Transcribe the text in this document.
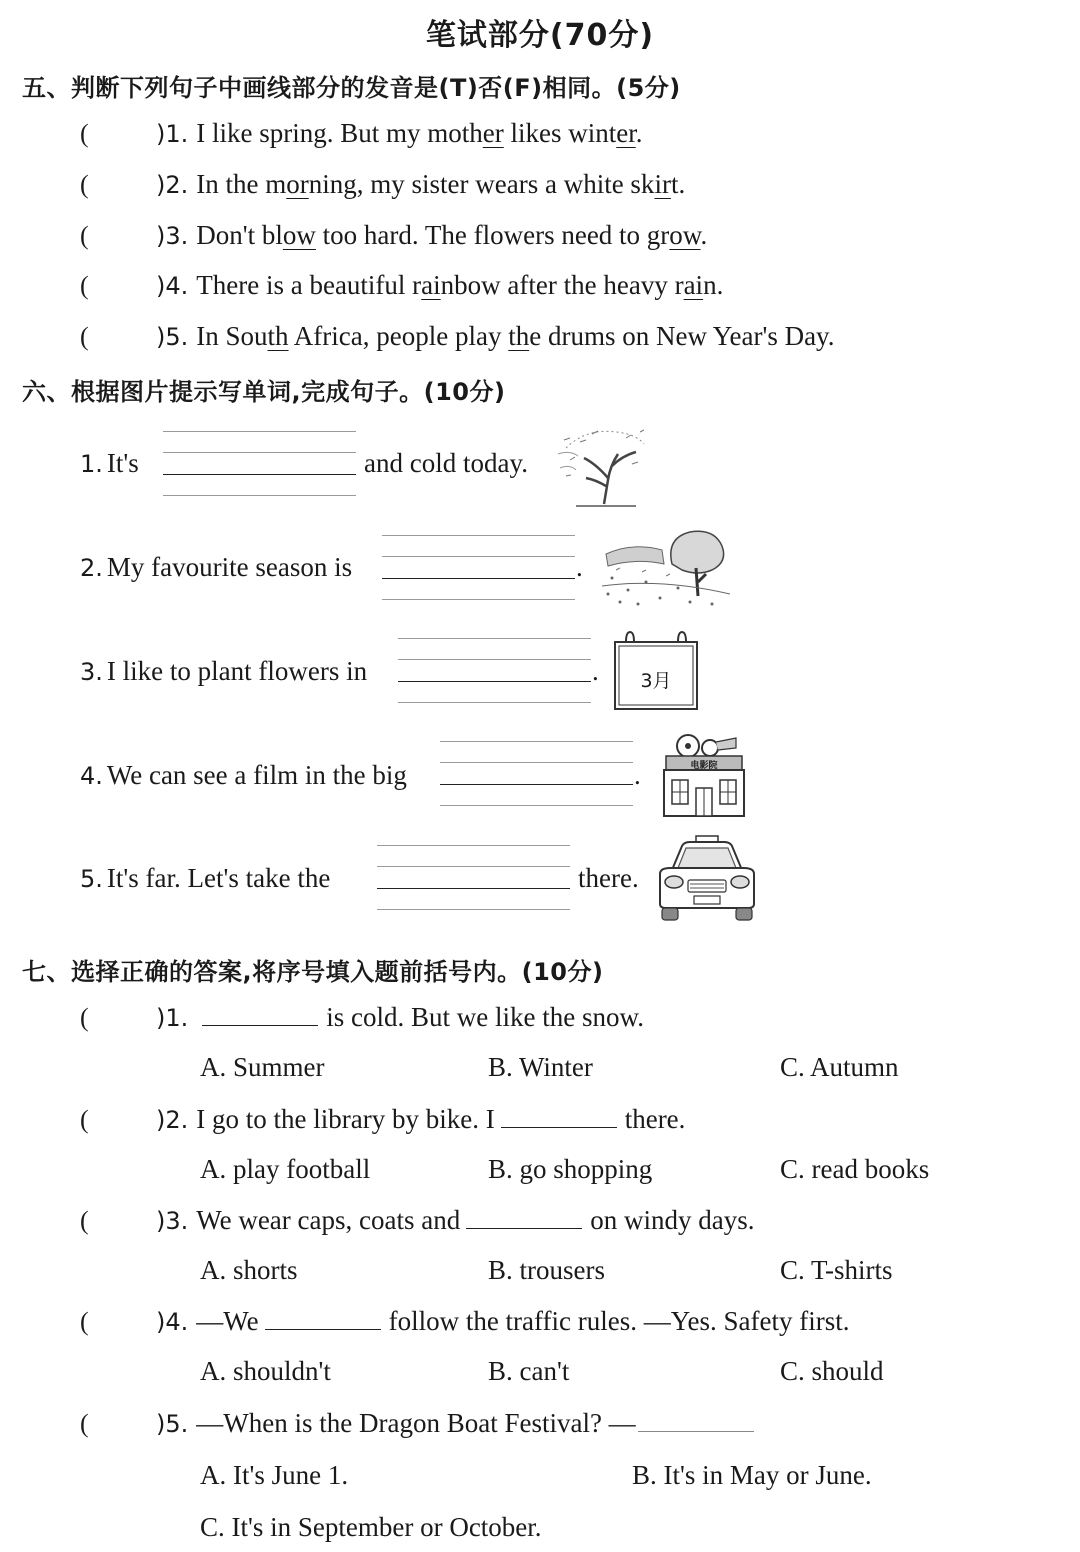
笔试部分(70分)
五、判断下列句子中画线部分的发音是(T)否(F)相同。(5分)
(	)1. I like spring. But my mother likes winter.
(	)2. In the morning, my sister wears a white skirt.
(	)3. Don't blow too hard. The flowers need to grow.
(	)4. There is a beautiful rainbow after the heavy rain.
(	)5. In South Africa, people play the drums on New Year's Day.
六、根据图片提示写单词,完成句子。(10分)
1. It's	and cold today.
2. My favourite season is	.
3. I like to plant flowers in	.	3月
4. We can see a film in the big	.	电影院
5. It's far. Let's take the	there.
七、选择正确的答案,将序号填入题前括号内。(10分)
(	)1.	is cold. But we like the snow.
A. Summer	B. Winter	C. Autumn
(	)2. I go to the library by bike. I	there.
A. play football	B. go shopping	C. read books
(	)3. We wear caps, coats and	on windy days.
A. shorts	B. trousers	C. T-shirts
(	)4. —We	follow the traffic rules. —Yes. Safety first.
A. shouldn't	B. can't	C. should
(	)5. —When is the Dragon Boat Festival? —
A. It's June 1.	B. It's in May or June.
C. It's in September or October.
